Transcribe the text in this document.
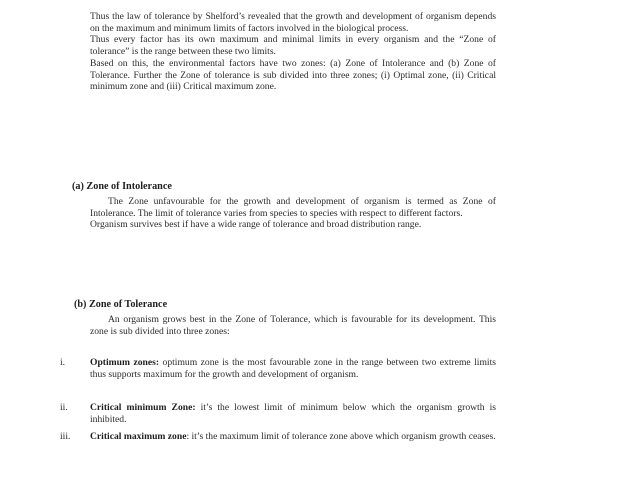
Thus the law of tolerance by Shelford’s revealed that the growth and development of organism depends on the maximum and minimum limits of factors involved in the biological process.

Thus every factor has its own maximum and minimal limits in every organism and the “Zone of tolerance” is the range between these two limits.

Based on this, the environmental factors have two zones: (a) Zone of Intolerance and (b) Zone of Tolerance. Further the Zone of tolerance is sub divided into three zones; (i) Optimal zone, (ii) Critical minimum zone and (iii) Critical maximum zone.

(a) Zone of Intolerance

The Zone unfavourable for the growth and development of organism is termed as Zone of Intolerance. The limit of tolerance varies from species to species with respect to different factors.

Organism survives best if have a wide range of tolerance and broad distribution range.

(b) Zone of Tolerance

An organism grows best in the Zone of Tolerance, which is favourable for its development. This zone is sub divided into three zones:

i.	Optimum zones: optimum zone is the most favourable zone in the range between two extreme limits thus supports maximum for the growth and development of organism.
ii.	Critical minimum Zone: it’s the lowest limit of minimum below which the organism growth is inhibited.
iii.	Critical maximum zone: it’s the maximum limit of tolerance zone above which organism growth ceases.
